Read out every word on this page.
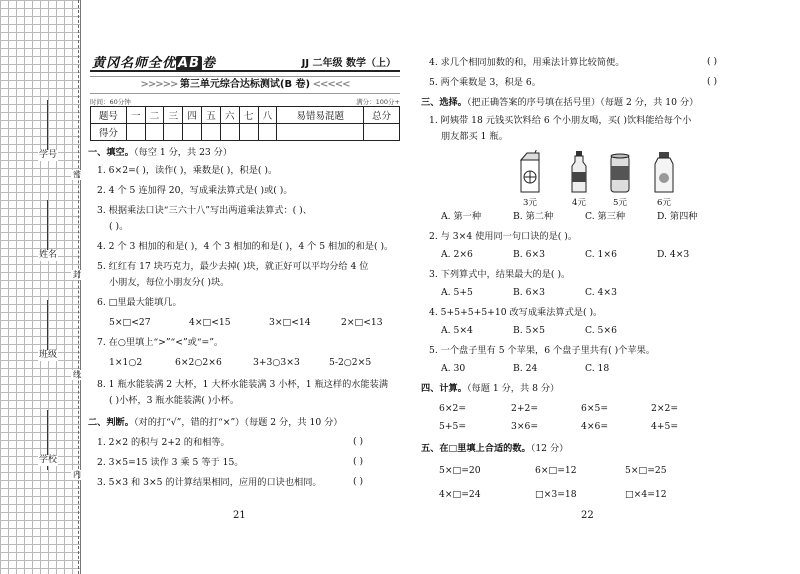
学号
姓名
班级
学校
密
封
线
内
黄冈名师全优 AB 卷	JJ 二年级 数学（上）
>>>>> 第三单元综合达标测试(B 卷) <<<<<
时间：60分钟	满分：100分+
题号	一	二	三	四	五	六	七	八	易错易混题	总分
得分										
一、填空。（每空 1 分，共 23 分）
1. 6×2=( )，读作( )，乘数是( )，积是( )。
2. 4 个 5 连加得 20，写成乘法算式是( )或( )。
3. 根据乘法口诀“三六十八”写出两道乘法算式：( )、
( )。
4. 2 个 3 相加的和是( )，4 个 3 相加的和是( )，4 个 5 相加的和是( )。
5. 红红有 17 块巧克力，最少去掉( )块，就正好可以平均分给 4 位
小朋友，每位小朋友分( )块。
6. □里最大能填几。
5×□<27	4×□<15	3×□<14	2×□<13
7. 在○里填上“>”“<”或“=”。
1×1○2	6×2○2×6	3+3○3×3	5-2○2×5
8. 1 瓶水能装满 2 大杯，1 大杯水能装满 3 小杯，1 瓶这样的水能装满
( )小杯，3 瓶水能装满( )小杯。
二、判断。（对的打“√”，错的打“×”）（每题 2 分，共 10 分）
1. 2×2 的积与 2+2 的和相等。	( )
2. 3×5=15 读作 3 乘 5 等于 15。	( )
3. 5×3 和 3×5 的计算结果相同，应用的口诀也相同。	( )
21
4. 求几个相同加数的和，用乘法计算比较简便。	( )
5. 两个乘数是 3，积是 6。	( )
三、选择。（把正确答案的序号填在括号里）（每题 2 分，共 10 分）
1. 阿姨带 18 元钱买饮料给 6 个小朋友喝，买( )饮料能给每个小
朋友都买 1 瓶。
3元	4元	5元	6元
A. 第一种	B. 第二种	C. 第三种	D. 第四种
2. 与 3×4 使用同一句口诀的是( )。
A. 2×6	B. 6×3	C. 1×6	D. 4×3
3. 下列算式中，结果最大的是( )。
A. 5+5	B. 6×3	C. 4×3
4. 5+5+5+5+10 改写成乘法算式是( )。
A. 5×4	B. 5×5	C. 5×6
5. 一个盘子里有 5 个苹果，6 个盘子里共有( )个苹果。
A. 30	B. 24	C. 18
四、计算。（每题 1 分，共 8 分）
6×2=	2+2=	6×5=	2×2=
5+5=	3×6=	4×6=	4+5=
五、在□里填上合适的数。（12 分）
5×□=20	6×□=12	5×□=25
4×□=24	□×3=18	□×4=12
22
